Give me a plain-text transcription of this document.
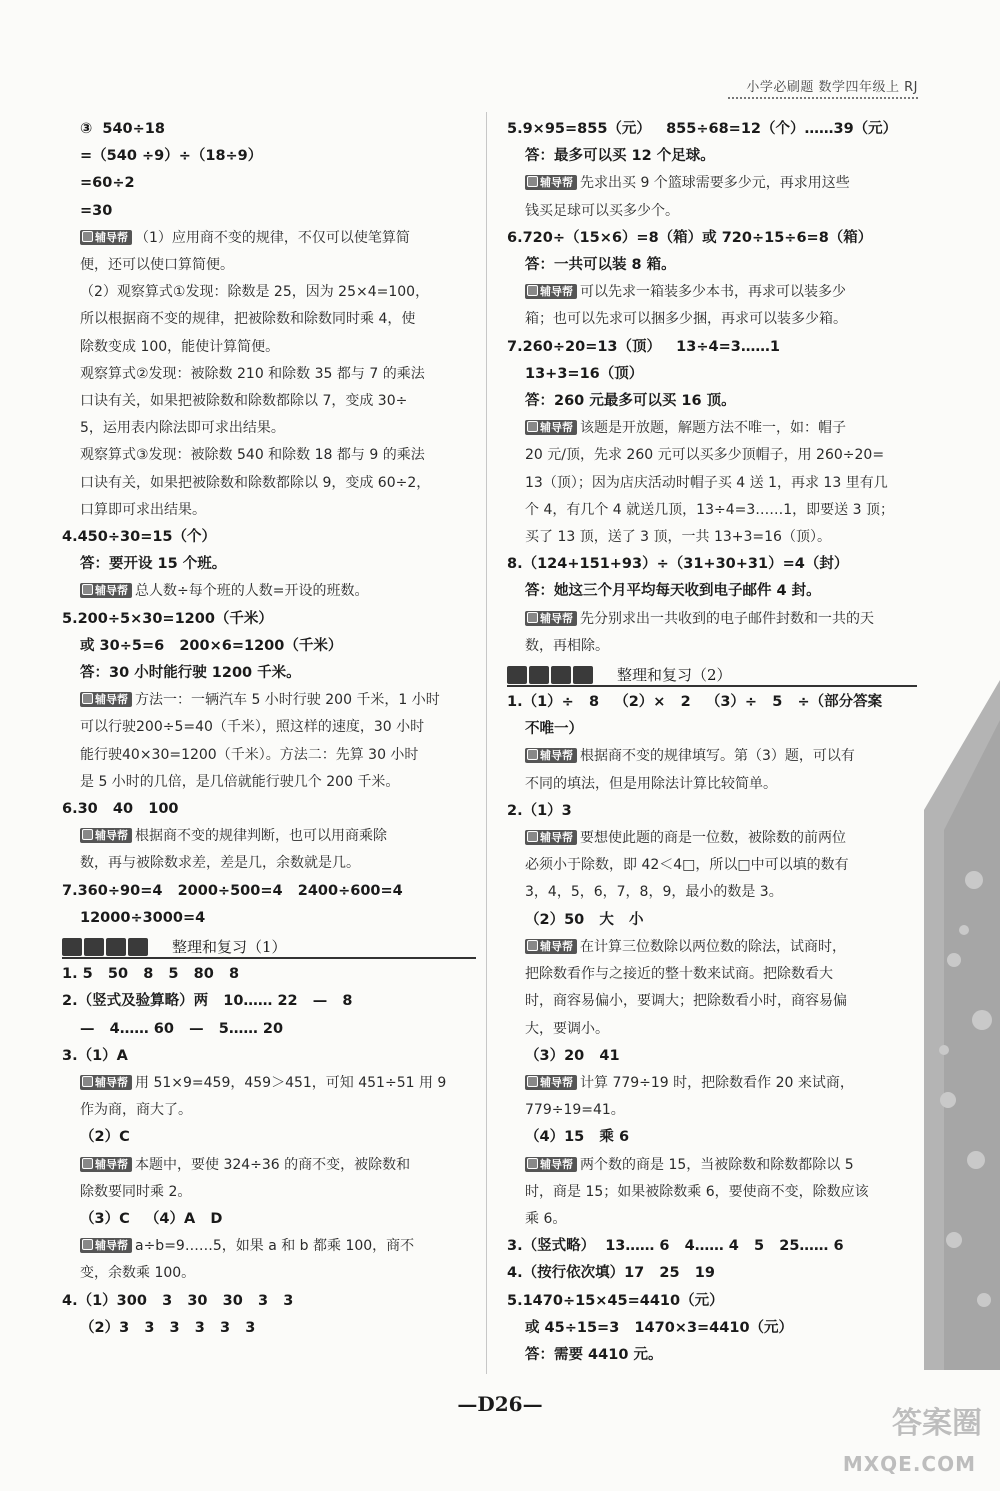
小学必刷题 数学四年级上 RJ
③  540÷18
=（540 ÷9）÷（18÷9）
=60÷2
=30
辅导帮 （1）应用商不变的规律，不仅可以使笔算简
便，还可以使口算简便。
（2）观察算式①发现：除数是 25，因为 25×4=100，
所以根据商不变的规律，把被除数和除数同时乘 4，使
除数变成 100，能使计算简便。
观察算式②发现：被除数 210 和除数 35 都与 7 的乘法
口诀有关，如果把被除数和除数都除以 7，变成 30÷
5，运用表内除法即可求出结果。
观察算式③发现：被除数 540 和除数 18 都与 9 的乘法
口诀有关，如果把被除数和除数都除以 9，变成 60÷2，
口算即可求出结果。
4.450÷30=15（个）
答：要开设 15 个班。
辅导帮 总人数÷每个班的人数=开设的班数。
5.200÷5×30=1200（千米）
或 30÷5=6   200×6=1200（千米）
答：30 小时能行驶 1200 千米。
辅导帮 方法一：一辆汽车 5 小时行驶 200 千米，1 小时
可以行驶200÷5=40（千米），照这样的速度，30 小时
能行驶40×30=1200（千米）。方法二：先算 30 小时
是 5 小时的几倍，是几倍就能行驶几个 200 千米。
6.30   40   100
辅导帮 根据商不变的规律判断，也可以用商乘除
数，再与被除数求差，差是几，余数就是几。
7.360÷90=4   2000÷500=4   2400÷600=4
12000÷3000=4
整理和复习（1）
1. 5   50   8   5   80   8
2.（竖式及验算略）两   10…… 22   —   8
—   4…… 60   —   5…… 20
3.（1）A
辅导帮 用 51×9=459，459＞451，可知 451÷51 用 9
作为商，商大了。
（2）C
辅导帮 本题中，要使 324÷36 的商不变，被除数和
除数要同时乘 2。
（3）C   （4）A   D
辅导帮 a÷b=9……5，如果 a 和 b 都乘 100，商不
变，余数乘 100。
4.（1）300   3   30   30   3   3
（2）3   3   3   3   3   3
5.9×95=855（元）   855÷68=12（个）……39（元）
答：最多可以买 12 个足球。
辅导帮 先求出买 9 个篮球需要多少元，再求用这些
钱买足球可以买多少个。
6.720÷（15×6）=8（箱）或 720÷15÷6=8（箱）
答：一共可以装 8 箱。
辅导帮 可以先求一箱装多少本书，再求可以装多少
箱；也可以先求可以捆多少捆，再求可以装多少箱。
7.260÷20=13（顶）   13÷4=3……1
13+3=16（顶）
答：260 元最多可以买 16 顶。
辅导帮 该题是开放题，解题方法不唯一，如：帽子
20 元/顶，先求 260 元可以买多少顶帽子，用 260÷20=
13（顶）；因为店庆活动时帽子买 4 送 1，再求 13 里有几
个 4，有几个 4 就送几顶，13÷4=3……1，即要送 3 顶；
买了 13 顶，送了 3 顶，一共 13+3=16（顶）。
8.（124+151+93）÷（31+30+31）=4（封）
答：她这三个月平均每天收到电子邮件 4 封。
辅导帮 先分别求出一共收到的电子邮件封数和一共的天
数，再相除。
整理和复习（2）
1.（1）÷   8   （2）×   2   （3）÷   5   ÷（部分答案
不唯一）
辅导帮 根据商不变的规律填写。第（3）题，可以有
不同的填法，但是用除法计算比较简单。
2.（1）3
辅导帮 要想使此题的商是一位数，被除数的前两位
必须小于除数，即 42＜4□，所以□中可以填的数有
3，4，5，6，7，8，9，最小的数是 3。
（2）50   大   小
辅导帮 在计算三位数除以两位数的除法，试商时，
把除数看作与之接近的整十数来试商。把除数看大
时，商容易偏小，要调大；把除数看小时，商容易偏
大，要调小。
（3）20   41
辅导帮 计算 779÷19 时，把除数看作 20 来试商，
779÷19=41。
（4）15   乘 6
辅导帮 两个数的商是 15，当被除数和除数都除以 5
时，商是 15；如果被除数乘 6，要使商不变，除数应该
乘 6。
3.（竖式略）  13…… 6   4…… 4   5   25…… 6
4.（按行依次填）17   25   19
5.1470÷15×45=4410（元）
或 45÷15=3   1470×3=4410（元）
答：需要 4410 元。
—D26—
答案圈
MXQE.COM
